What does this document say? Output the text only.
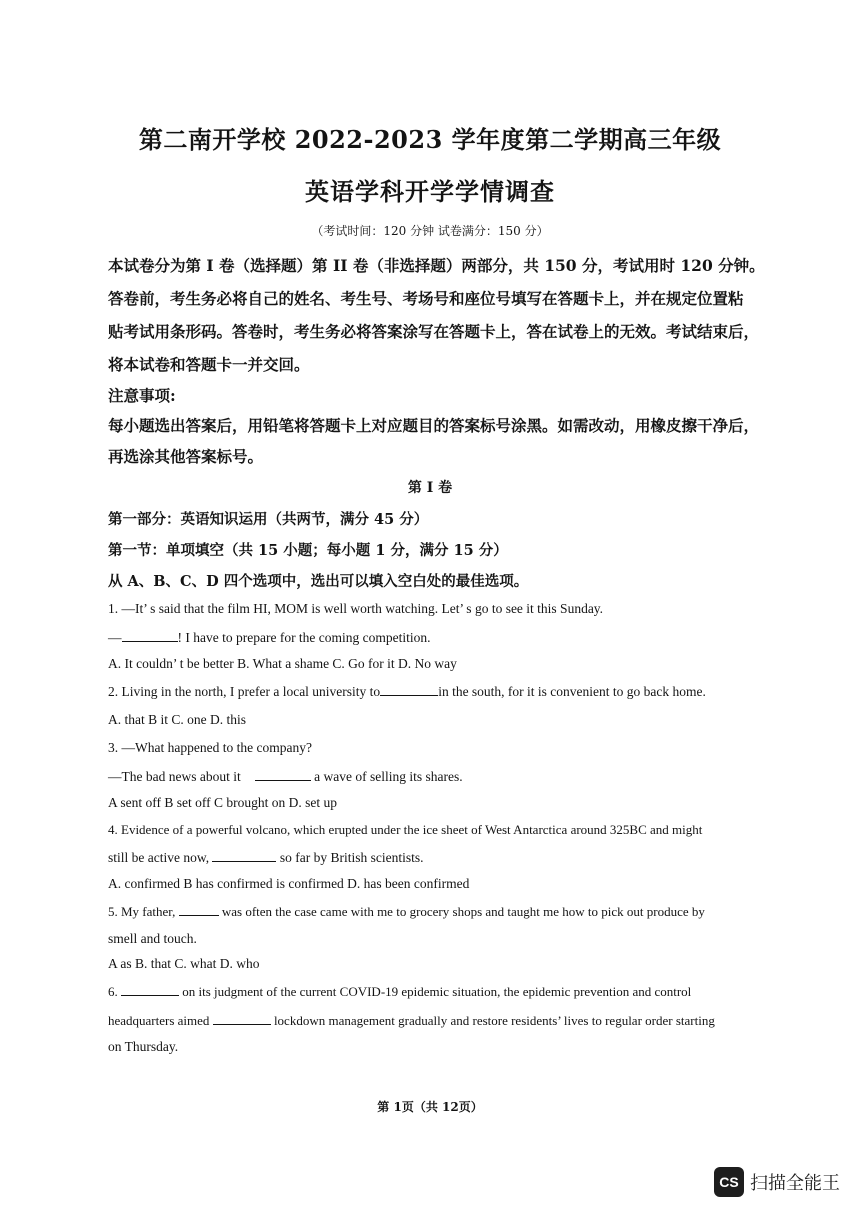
第二南开学校 2022-2023 学年度第二学期高三年级
英语学科开学学情调查
（考试时间：120 分钟 试卷满分：150 分）
本试卷分为第 I 卷（选择题）第 II 卷（非选择题）两部分，共 150 分，考试用时 120 分钟。
答卷前，考生务必将自己的姓名、考生号、考场号和座位号填写在答题卡上，并在规定位置粘
贴考试用条形码。答卷时，考生务必将答案涂写在答题卡上，答在试卷上的无效。考试结束后，
将本试卷和答题卡一并交回。
注意事项:
每小题选出答案后，用铅笔将答题卡上对应题目的答案标号涂黑。如需改动，用橡皮擦干净后，
再选涂其他答案标号。
第 I 卷
第一部分：英语知识运用（共两节，满分 45 分）
第一节：单项填空（共 15 小题；每小题 1 分，满分 15 分）
从 A、B、C、D 四个选项中，选出可以填入空白处的最佳选项。
1. —It’ s said that the film HI, MOM is well worth watching. Let’ s go to see it this Sunday.
—	! I have to prepare for the coming competition.
A. It couldn’ t be better B. What a shame C. Go for it D. No way
2. Living in the north, I prefer a local university to	in the south, for it is convenient to go back home.
A. that B it C. one D. this
3. —What happened to the company?
—The bad news about it	a wave of selling its shares.
A sent off B set off C brought on D. set up
4. Evidence of a powerful volcano, which erupted under the ice sheet of West Antarctica around 325BC and might
still be active now,	so far by British scientists.
A. confirmed B has confirmed is confirmed D. has been confirmed
5. My father,	was often the case came with me to grocery shops and taught me how to pick out produce by
smell and touch.
A as B. that C. what D. who
6.	on its judgment of the current COVID-19 epidemic situation, the epidemic prevention and control
headquarters aimed	lockdown management gradually and restore residents’ lives to regular order starting
on Thursday.
第 1页（共 12页）
CS 扫描全能王
